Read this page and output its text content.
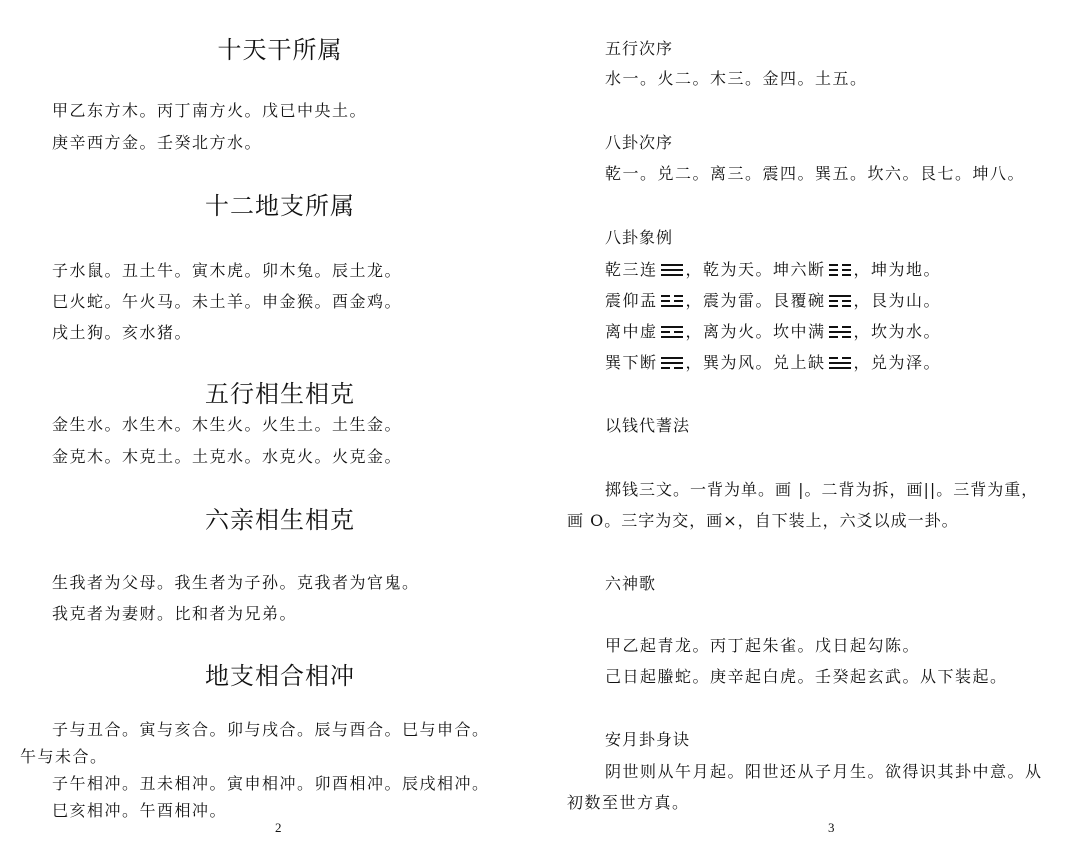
十天干所属

甲乙东方木。丙丁南方火。戊已中央土。

庚辛西方金。壬癸北方水。

十二地支所属

子水鼠。丑土牛。寅木虎。卯木兔。辰土龙。

巳火蛇。午火马。未土羊。申金猴。酉金鸡。

戌土狗。亥水猪。

五行相生相克

金生水。水生木。木生火。火生土。土生金。

金克木。木克土。土克水。水克火。火克金。

六亲相生相克

生我者为父母。我生者为子孙。克我者为官鬼。

我克者为妻财。比和者为兄弟。

地支相合相冲

子与丑合。寅与亥合。卯与戌合。辰与酉合。巳与申合。

午与未合。

子午相冲。丑未相冲。寅申相冲。卯酉相冲。辰戌相冲。

巳亥相冲。午酉相冲。

2
五行次序

水一。火二。木三。金四。土五。

八卦次序

乾一。兑二。离三。震四。巽五。坎六。艮七。坤八。

八卦象例

乾三连 ，乾为天。坤六断 ，坤为地。

震仰盂 ，震为雷。艮覆碗 ，艮为山。

离中虚 ，离为火。坎中满 ，坎为水。

巽下断 ，巽为风。兑上缺 ，兑为泽。

以钱代蓍法

掷钱三文。一背为单。画 |。二背为拆，画||。三背为重，

画 O。三字为交，画×，自下装上，六爻以成一卦。

六神歌

甲乙起青龙。丙丁起朱雀。戊日起勾陈。

己日起螣蛇。庚辛起白虎。壬癸起玄武。从下装起。

安月卦身诀

阴世则从午月起。阳世还从子月生。欲得识其卦中意。从

初数至世方真。

3
